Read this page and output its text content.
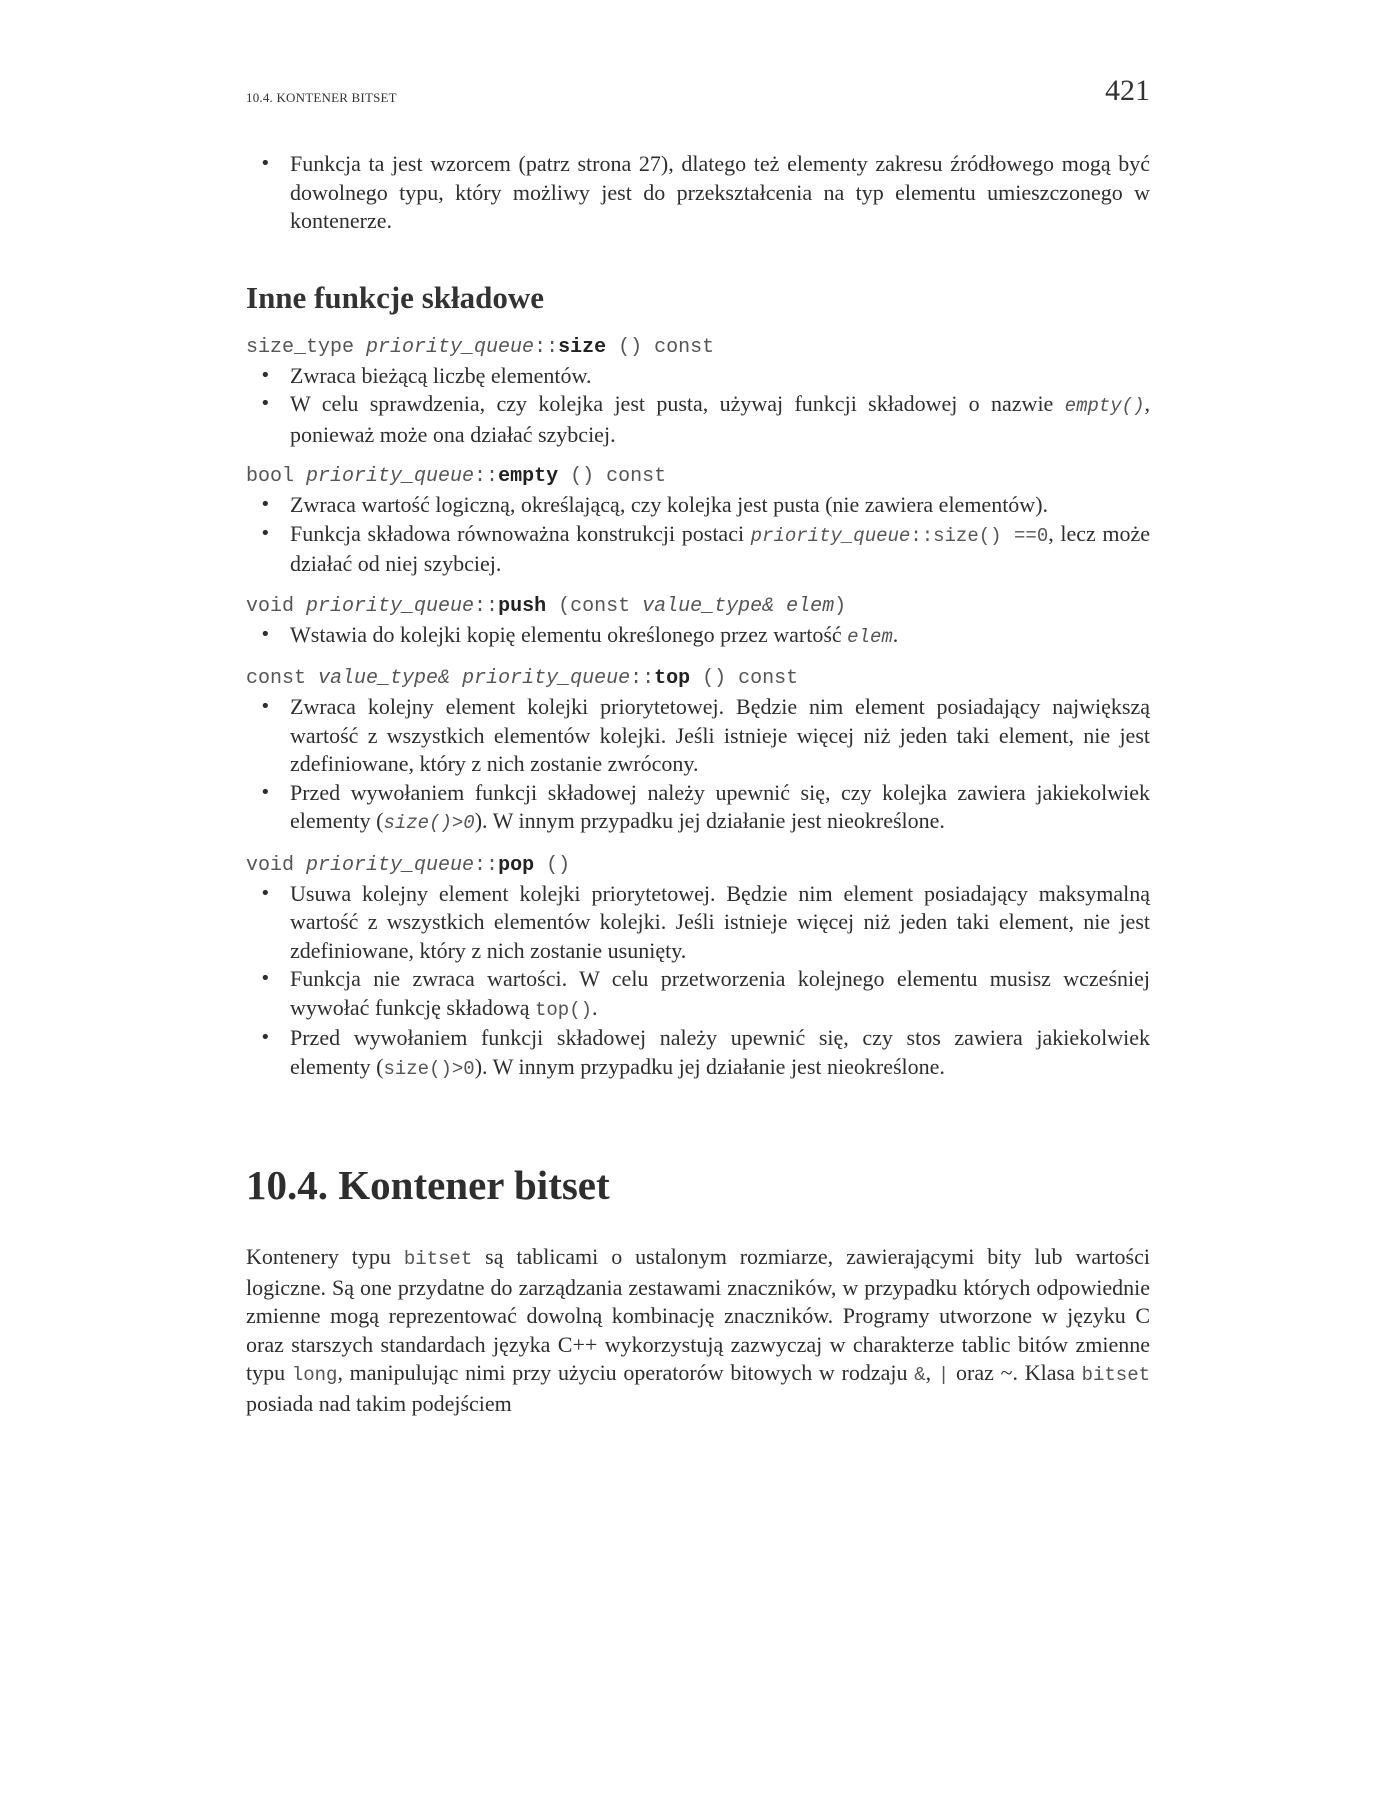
10.4. KONTENER BITSET	421
• Funkcja ta jest wzorcem (patrz strona 27), dlatego też elementy zakresu źródłowego mogą być dowolnego typu, który możliwy jest do przekształcenia na typ elementu umieszczonego w kontenerze.
Inne funkcje składowe
size_type priority_queue::size () const
• Zwraca bieżącą liczbę elementów.
• W celu sprawdzenia, czy kolejka jest pusta, używaj funkcji składowej o nazwie empty(), ponieważ może ona działać szybciej.
bool priority_queue::empty () const
• Zwraca wartość logiczną, określającą, czy kolejka jest pusta (nie zawiera elementów).
• Funkcja składowa równoważna konstrukcji postaci priority_queue::size() ==0, lecz może działać od niej szybciej.
void priority_queue::push (const value_type& elem)
• Wstawia do kolejki kopię elementu określonego przez wartość elem.
const value_type& priority_queue::top () const
• Zwraca kolejny element kolejki priorytetowej. Będzie nim element posiadający największą wartość z wszystkich elementów kolejki. Jeśli istnieje więcej niż jeden taki element, nie jest zdefiniowane, który z nich zostanie zwrócony.
• Przed wywołaniem funkcji składowej należy upewnić się, czy kolejka zawiera jakiekolwiek elementy (size()>0). W innym przypadku jej działanie jest nieokreślone.
void priority_queue::pop ()
• Usuwa kolejny element kolejki priorytetowej. Będzie nim element posiadający maksymalną wartość z wszystkich elementów kolejki. Jeśli istnieje więcej niż jeden taki element, nie jest zdefiniowane, który z nich zostanie usunięty.
• Funkcja nie zwraca wartości. W celu przetworzenia kolejnego elementu musisz wcześniej wywołać funkcję składową top().
• Przed wywołaniem funkcji składowej należy upewnić się, czy stos zawiera jakiekolwiek elementy (size()>0). W innym przypadku jej działanie jest nieokreślone.
10.4. Kontener bitset

Kontenery typu bitset są tablicami o ustalonym rozmiarze, zawierającymi bity lub wartości logiczne. Są one przydatne do zarządzania zestawami znaczników, w przypadku których odpowiednie zmienne mogą reprezentować dowolną kombinację znaczników. Programy utworzone w języku C oraz starszych standardach języka C++ wykorzystują zazwyczaj w charakterze tablic bitów zmienne typu long, manipulując nimi przy użyciu operatorów bitowych w rodzaju &, | oraz ~. Klasa bitset posiada nad takim podejściem
